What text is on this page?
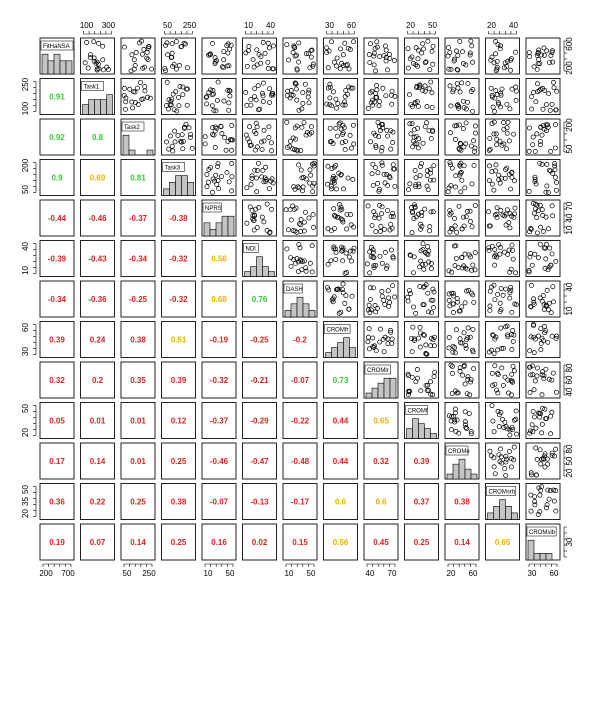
FitHaNSA
0.91
Task1
0.92	0.8
Task2
0.9	0.69	0.81
Task3
-0.44	-0.46	-0.37	-0.38
NPRS
-0.39	-0.43	-0.34	-0.32	0.56
NDI
-0.34	-0.36	-0.25	-0.32	0.68	0.76
DASH
0.39	0.24	0.38	0.51	-0.19	-0.25	-0.2
CROMfr
0.32	0.2	0.35	0.39	-0.32	-0.21	-0.07	0.73
CROMlr
0.05	0.01	0.01	0.12	-0.37	-0.29	-0.22	0.44	0.65
CROMf
0.17	0.14	0.01	0.25	-0.46	-0.47	-0.48	0.44	0.32	0.39
CROMe
0.36	0.22	0.25	0.38	-0.07	-0.13	-0.17	0.6	0.6	0.37	0.38
CROMsrb
0.19	0.07	0.14	0.25	0.16	0.02	0.15	0.56	0.45	0.25	0.14	0.65
CROMslb
100 300	50 250	10 40	30 60	20 50	20 40
200 700	50 250	10 50	10 50	40 70	20 60	30 60
250
100
200
50
40
10
60
30
50
20
50
35
20
600
200
200
50
70
40
10
40
10
80
60
40
80
50
20
30
